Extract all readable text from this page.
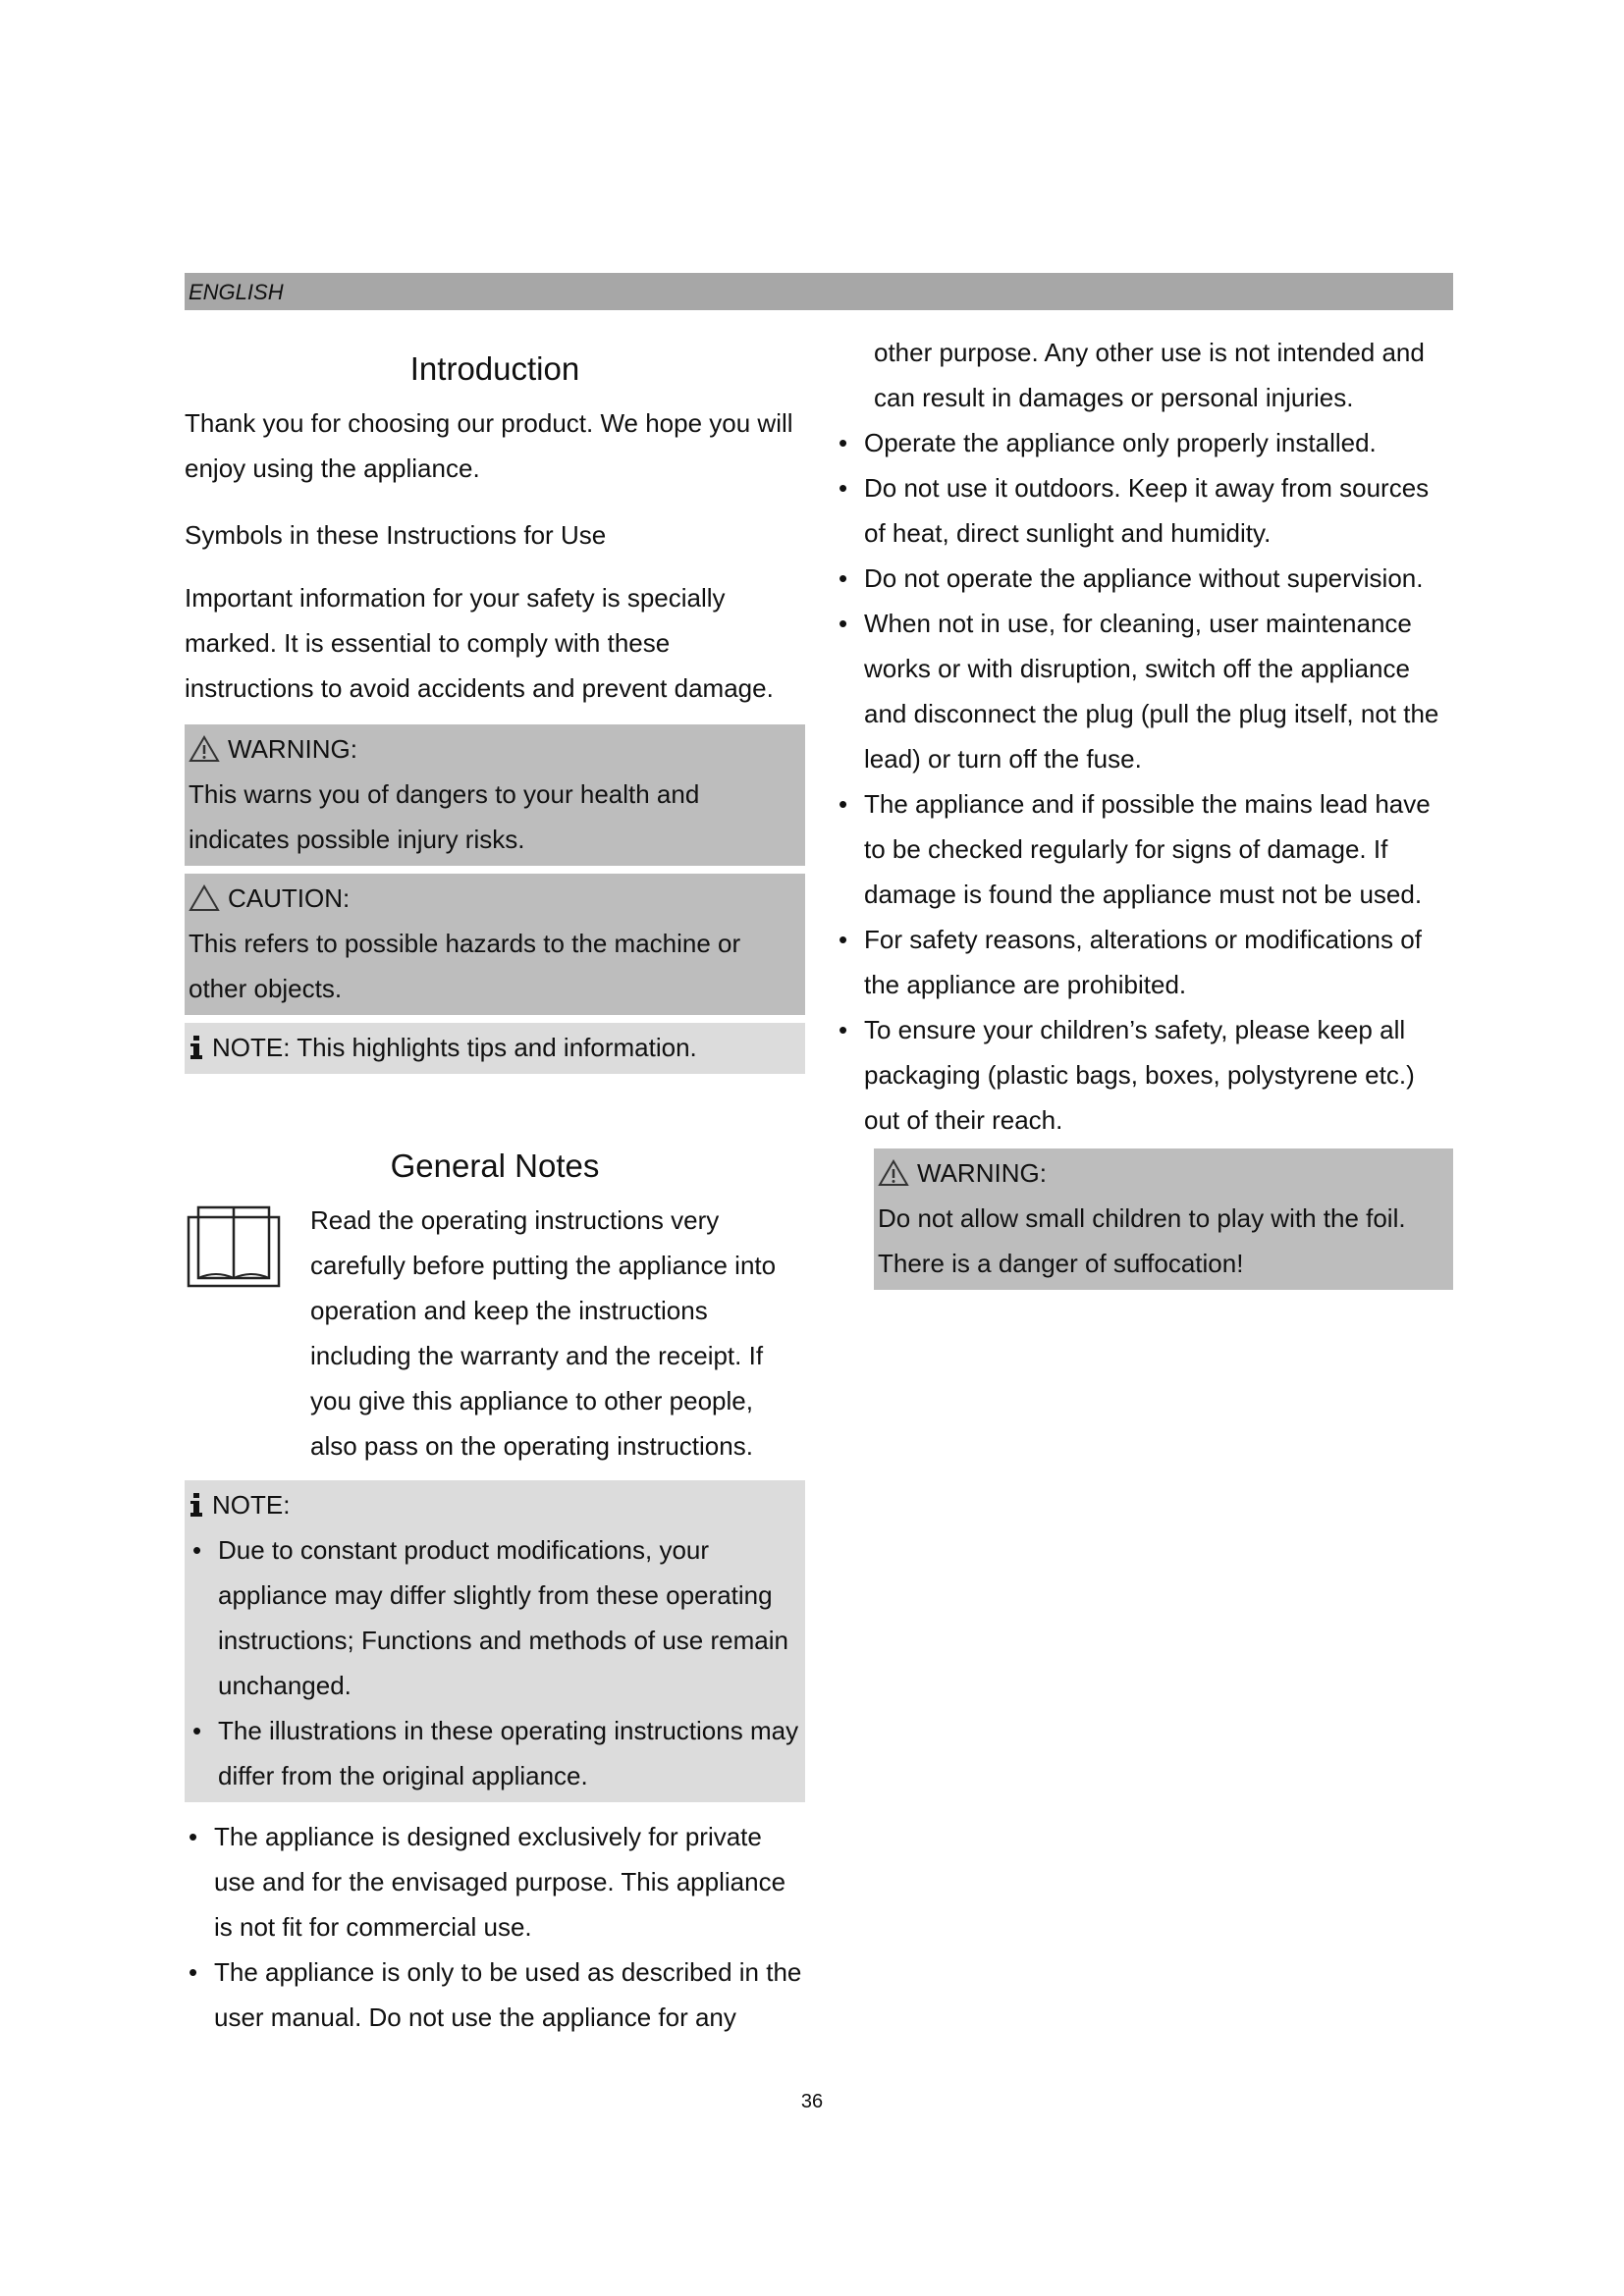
ENGLISH
Introduction

Thank you for choosing our product. We hope you will enjoy using the appliance.

Symbols in these Instructions for Use

Important information for your safety is specially marked. It is essential to comply with these instructions to avoid accidents and prevent damage.

WARNING:

This warns you of dangers to your health and indicates possible injury risks.

CAUTION:

This refers to possible hazards to the machine or other objects.

NOTE: This highlights tips and information.
General Notes

Read the operating instructions very carefully before putting the appliance into operation and keep the instructions including the warranty and the receipt. If you give this appliance to other people, also pass on the operating instructions.

NOTE:
• Due to constant product modifications, your appliance may differ slightly from these operating instructions; Functions and methods of use remain unchanged.
• The illustrations in these operating instructions may differ from the original appliance.
• The appliance is designed exclusively for private use and for the envisaged purpose. This appliance is not fit for commercial use.
• The appliance is only to be used as described in the user manual. Do not use the appliance for any

other purpose. Any other use is not intended and can result in damages or personal injuries.

• Operate the appliance only properly installed.
• Do not use it outdoors. Keep it away from sources of heat, direct sunlight and humidity.
• Do not operate the appliance without supervision.
• When not in use, for cleaning, user maintenance works or with disruption, switch off the appliance and disconnect the plug (pull the plug itself, not the lead) or turn off the fuse.
• The appliance and if possible the mains lead have to be checked regularly for signs of damage. If damage is found the appliance must not be used.
• For safety reasons, alterations or modifications of the appliance are prohibited.
• To ensure your children’s safety, please keep all packaging (plastic bags, boxes, polystyrene etc.) out of their reach.
WARNING:

Do not allow small children to play with the foil. There is a danger of suffocation!

36
